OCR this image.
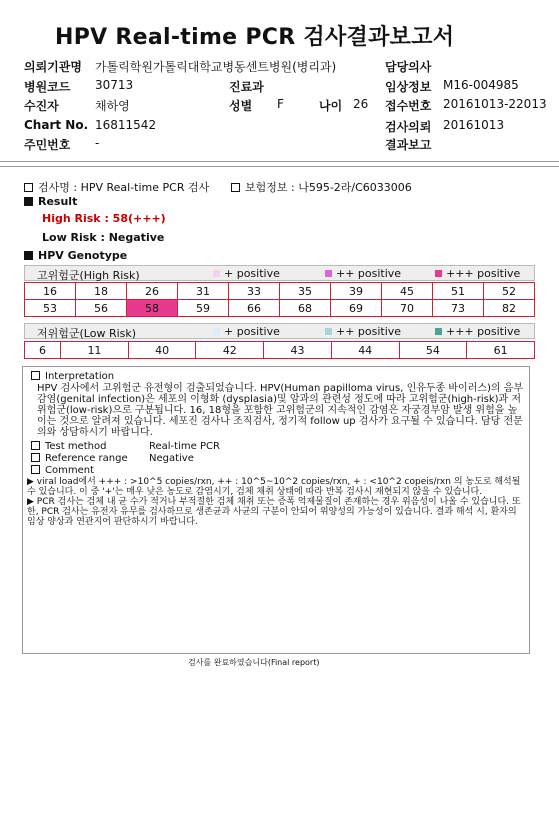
HPV Real-time PCR 검사결과보고서
의뢰기관명 가톨릭학원가톨릭대학교병동센트병원(병리과)	담당의사
병원코드 30713	진료과	임상정보 M16-004985
수진자	채하영	성별 F	나이 26 접수번호 20161013-22013
Chart No. 16811542	검사의뢰 20161013
주민번호 -	결과보고
검사명 : HPV Real-time PCR 검사	보험정보 : 나595-2라/C6033006
Result
High Risk : 58(+++)
Low Risk : Negative
HPV Genotype
고위험군(High Risk)	+ positive	++ positive	+++ positive
16	18	26	31	33	35	39	45	51	52
53	56	58	59	66	68	69	70	73	82
저위험군(Low Risk)	+ positive	++ positive	+++ positive
6	11	40	42	43	44	54	61
Interpretation
HPV 검사에서 고위험군 유전형이 검출되었습니다. HPV(Human papilloma virus, 인유두종 바이러스)의 음부감염(genital infection)은 세포의 이형화 (dysplasia)및 암과의 관련성 정도에 따라 고위험군(high-risk)과 저위험군(low-risk)으로 구분됩니다. 16, 18형을 포함한 고위험군의 지속적인 감염은 자궁경부암 발생 위험을 높이는 것으로 알려져 있습니다. 세포진 검사나 조직검사, 정기적 follow up 검사가 요구될 수 있습니다. 담당 전문의와 상담하시기 바랍니다.
Test method	Real-time PCR
Reference range Negative
Comment
▶ viral load에서 +++ : >10^5 copies/rxn, ++ : 10^5~10^2 copies/rxn, + : <10^2 copeis/rxn 의 농도로 해석될 수 있습니다. 이 중 '+'는 매우 낮은 농도로 감염시기, 검체 채취 상태에 따라 반복 검사시 재현되지 않을 수 있습니다.
▶ PCR 검사는 검체 내 균 수가 적거나 부적절한 검체 채취 또는 증폭 억제물질이 존재하는 경우 위음성이 나올 수 있습니다. 또한, PCR 검사는 유전자 유무를 검사하므로 생존균과 사균의 구분이 안되어 위양성의 가능성이 있습니다. 결과 해석 시, 환자의 임상 양상과 연관지어 판단하시기 바랍니다.
검사를 완료하였습니다(Final report)
